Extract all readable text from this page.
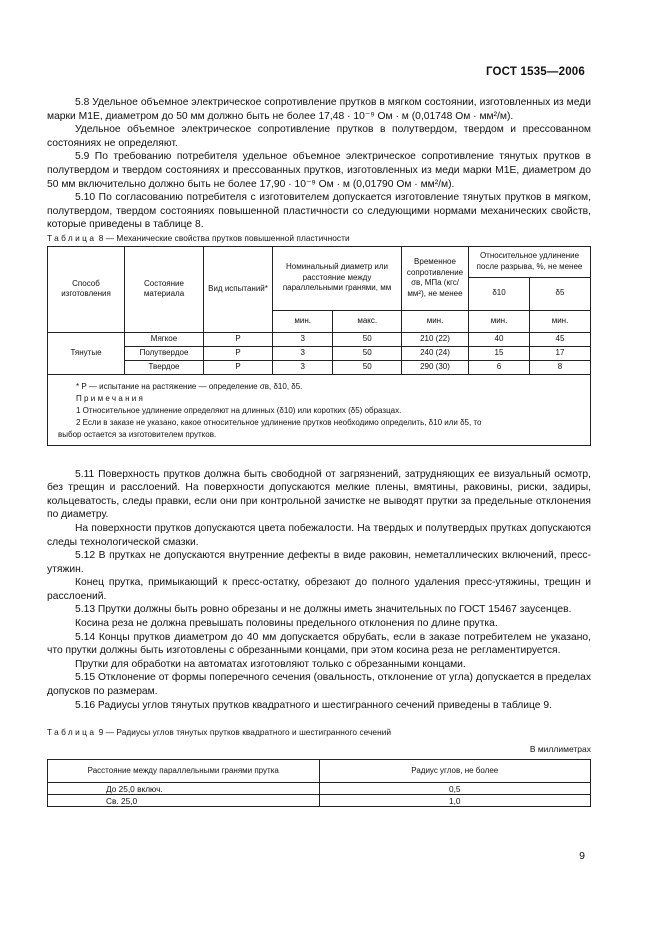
ГОСТ 1535—2006

5.8 Удельное объемное электрическое сопротивление прутков в мягком состоянии, изготовленных из меди марки М1Е, диаметром до 50 мм должно быть не более 17,48 · 10⁻⁹ Ом · м (0,01748 Ом · мм²/м).

Удельное объемное электрическое сопротивление прутков в полутвердом, твердом и прессованном состояниях не определяют.

5.9 По требованию потребителя удельное объемное электрическое сопротивление тянутых прутков в полутвердом и твердом состояниях и прессованных прутков, изготовленных из меди марки М1Е, диаметром до 50 мм включительно должно быть не более 17,90 · 10⁻⁹ Ом · м (0,01790 Ом · мм²/м).

5.10 По согласованию потребителя с изготовителем допускается изготовление тянутых прутков в мягком, полутвердом, твердом состояниях повышенной пластичности со следующими нормами механических свойств, которые приведены в таблице 8.

Таблица 8 — Механические свойства прутков повышенной пластичности

Способ изготовления	Состояние материала	Вид испытаний*	Номинальный диаметр или расстояние между параллельными гранями, мм		Временное сопротивление σв, МПа (кгс/мм²), не менее	Относительное удлинение после разрыва, %, не менее	
						δ10	δ5
			мин.	макс.	мин.	мин.	мин.
Тянутые	Мягкое	Р	3	50	210 (22)	40	45
	Полутвердое	Р	3	50	240 (24)	15	17
	Твердое	Р	3	50	290 (30)	6	8

* Р — испытание на растяжение — определение σв, δ10, δ5.
Примечания
1 Относительное удлинение определяют на длинных (δ10) или коротких (δ5) образцах.
2 Если в заказе не указано, какое относительное удлинение прутков необходимо определить, δ10 или δ5, то
выбор остается за изготовителем прутков.							

5.11 Поверхность прутков должна быть свободной от загрязнений, затрудняющих ее визуальный осмотр, без трещин и расслоений. На поверхности допускаются мелкие плены, вмятины, раковины, риски, задиры, кольцеватость, следы правки, если они при контрольной зачистке не выводят прутки за предельные отклонения по диаметру.

На поверхности прутков допускаются цвета побежалости. На твердых и полутвердых прутках допускаются следы технологической смазки.

5.12 В прутках не допускаются внутренние дефекты в виде раковин, неметаллических включений, пресс-утяжин.

Конец прутка, примыкающий к пресс-остатку, обрезают до полного удаления пресс-утяжины, трещин и расслоений.

5.13 Прутки должны быть ровно обрезаны и не должны иметь значительных по ГОСТ 15467 заусенцев.

Косина реза не должна превышать половины предельного отклонения по длине прутка.

5.14 Концы прутков диаметром до 40 мм допускается обрубать, если в заказе потребителем не указано, что прутки должны быть изготовлены с обрезанными концами, при этом косина реза не регламентируется.

Прутки для обработки на автоматах изготовляют только с обрезанными концами.

5.15 Отклонение от формы поперечного сечения (овальность, отклонение от угла) допускается в пределах допусков по размерам.

5.16 Радиусы углов тянутых прутков квадратного и шестигранного сечений приведены в таблице 9.

Таблица 9 — Радиусы углов тянутых прутков квадратного и шестигранного сечений

В миллиметрах
Расстояние между параллельными гранями прутка	Радиус углов, не более
До 25,0 включ.	0,5
Св. 25,0	1,0
9
